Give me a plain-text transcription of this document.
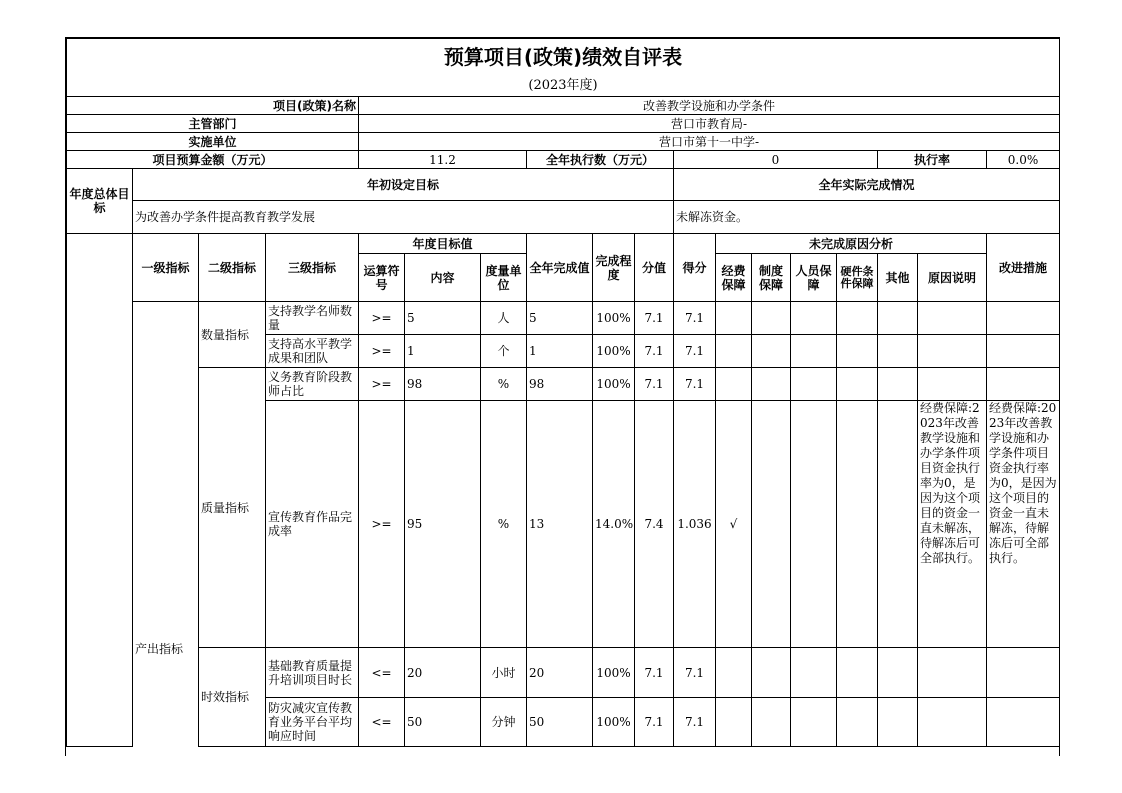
预算项目(政策)绩效自评表																	
(2023年度)																	
项目(政策)名称				改善教学设施和办学条件													
主管部门				营口市教育局-													
实施单位				营口市第十一中学-													
项目预算金额（万元）				11.2			全年执行数（万元）			0					执行率		0.0%
年度总体目标	年初设定目标									全年实际完成情况							
	为改善办学条件提高教育教学发展									未解冻资金。							
	一级指标	二级指标	三级指标	年度目标值			全年完成值	完成程度	分值	得分	未完成原因分析						改进措施
				运算符号	内容	度量单位					经费保障	制度保障	人员保障	硬件条件保障	其他	原因说明	

产出指标	数量指标	支持教学名师数量	>=	5	人	5	100%	7.1	7.1							
			支持高水平教学成果和团队	>=	1	个	1	100%	7.1	7.1							
		质量指标	义务教育阶段教师占比	>=	98	%	98	100%	7.1	7.1							
			宣传教育作品完成率	>=	95	%	13	14.0%	7.4	1.036	√					经费保障:2023年改善教学设施和办学条件项目资金执行率为0，是因为这个项目的资金一直未解冻，待解冻后可全部执行。	经费保障:2023年改善教学设施和办学条件项目资金执行率为0，是因为这个项目的资金一直未解冻，待解冻后可全部执行。
		时效指标	基础教育质量提升培训项目时长	<=	20	小时	20	100%	7.1	7.1							
			防灾减灾宣传教育业务平台平均响应时间	<=	50	分钟	50	100%	7.1	7.1							
